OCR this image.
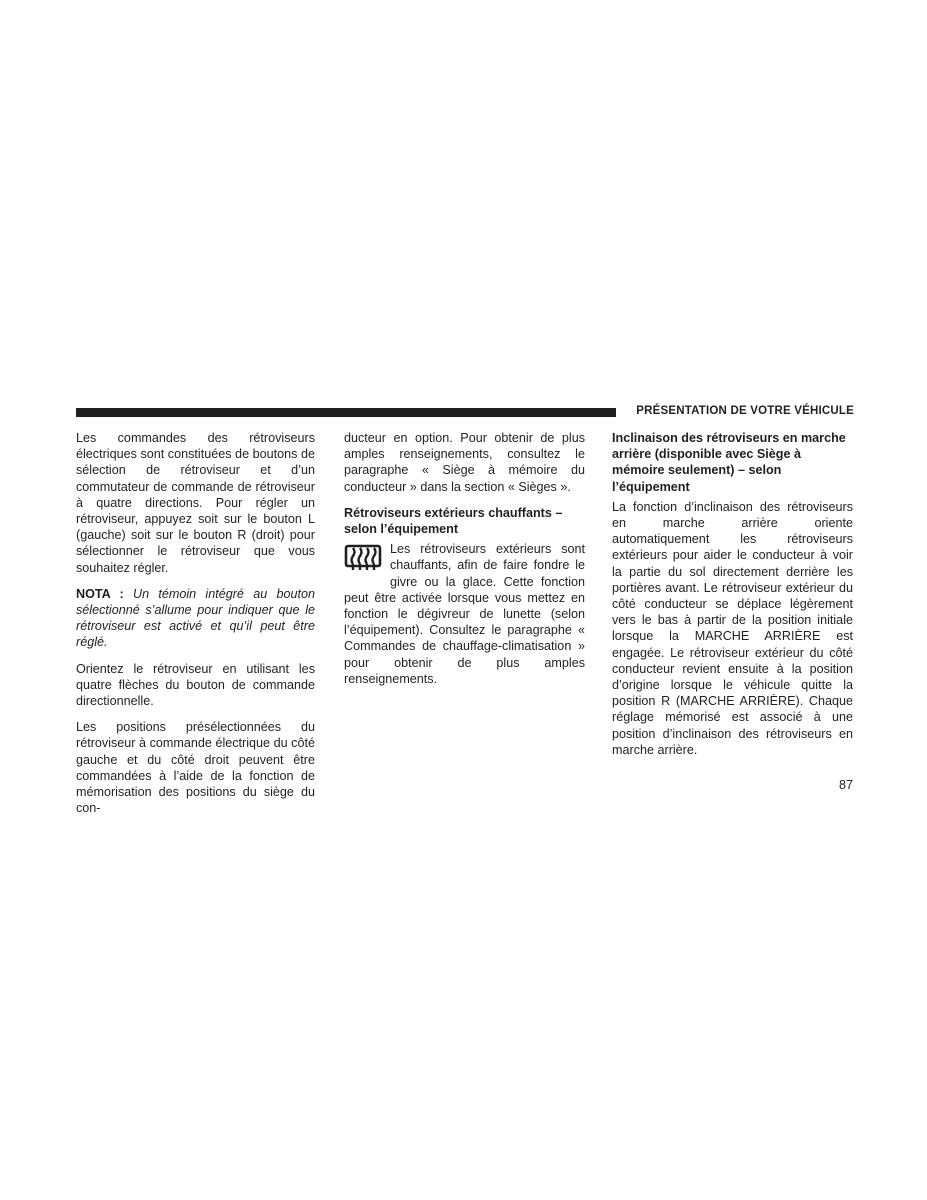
PRÉSENTATION DE VOTRE VÉHICULE

Les commandes des rétroviseurs électriques sont constituées de boutons de sélection de rétroviseur et d’un commutateur de commande de rétroviseur à quatre directions. Pour régler un rétroviseur, appuyez soit sur le bouton L (gauche) soit sur le bouton R (droit) pour sélectionner le rétroviseur que vous souhaitez régler.

NOTA : Un témoin intégré au bouton sélectionné s’allume pour indiquer que le rétroviseur est activé et qu’il peut être réglé.

Orientez le rétroviseur en utilisant les quatre flèches du bouton de commande directionnelle.

Les positions présélectionnées du rétroviseur à commande électrique du côté gauche et du côté droit peuvent être commandées à l’aide de la fonction de mémorisation des positions du siège du con-

ducteur en option. Pour obtenir de plus amples renseignements, consultez le paragraphe « Siège à mémoire du conducteur » dans la section « Sièges ».

Rétroviseurs extérieurs chauffants – selon l’équipement

Les rétroviseurs extérieurs sont chauffants, afin de faire fondre le givre ou la glace. Cette fonction peut être activée lorsque vous mettez en fonction le dégivreur de lunette (selon l’équipement). Consultez le paragraphe « Commandes de chauffage-climatisation » pour obtenir de plus amples renseignements.

Inclinaison des rétroviseurs en marche arrière (disponible avec Siège à mémoire seulement) – selon l’équipement

La fonction d’inclinaison des rétroviseurs en marche arrière oriente automatiquement les rétroviseurs extérieurs pour aider le conducteur à voir la partie du sol directement derrière les portières avant. Le rétroviseur extérieur du côté conducteur se déplace légèrement vers le bas à partir de la position initiale lorsque la MARCHE ARRIÈRE est engagée. Le rétroviseur extérieur du côté conducteur revient ensuite à la position d’origine lorsque le véhicule quitte la position R (MARCHE ARRIÈRE). Chaque réglage mémorisé est associé à une position d’inclinaison des rétroviseurs en marche arrière.

87
